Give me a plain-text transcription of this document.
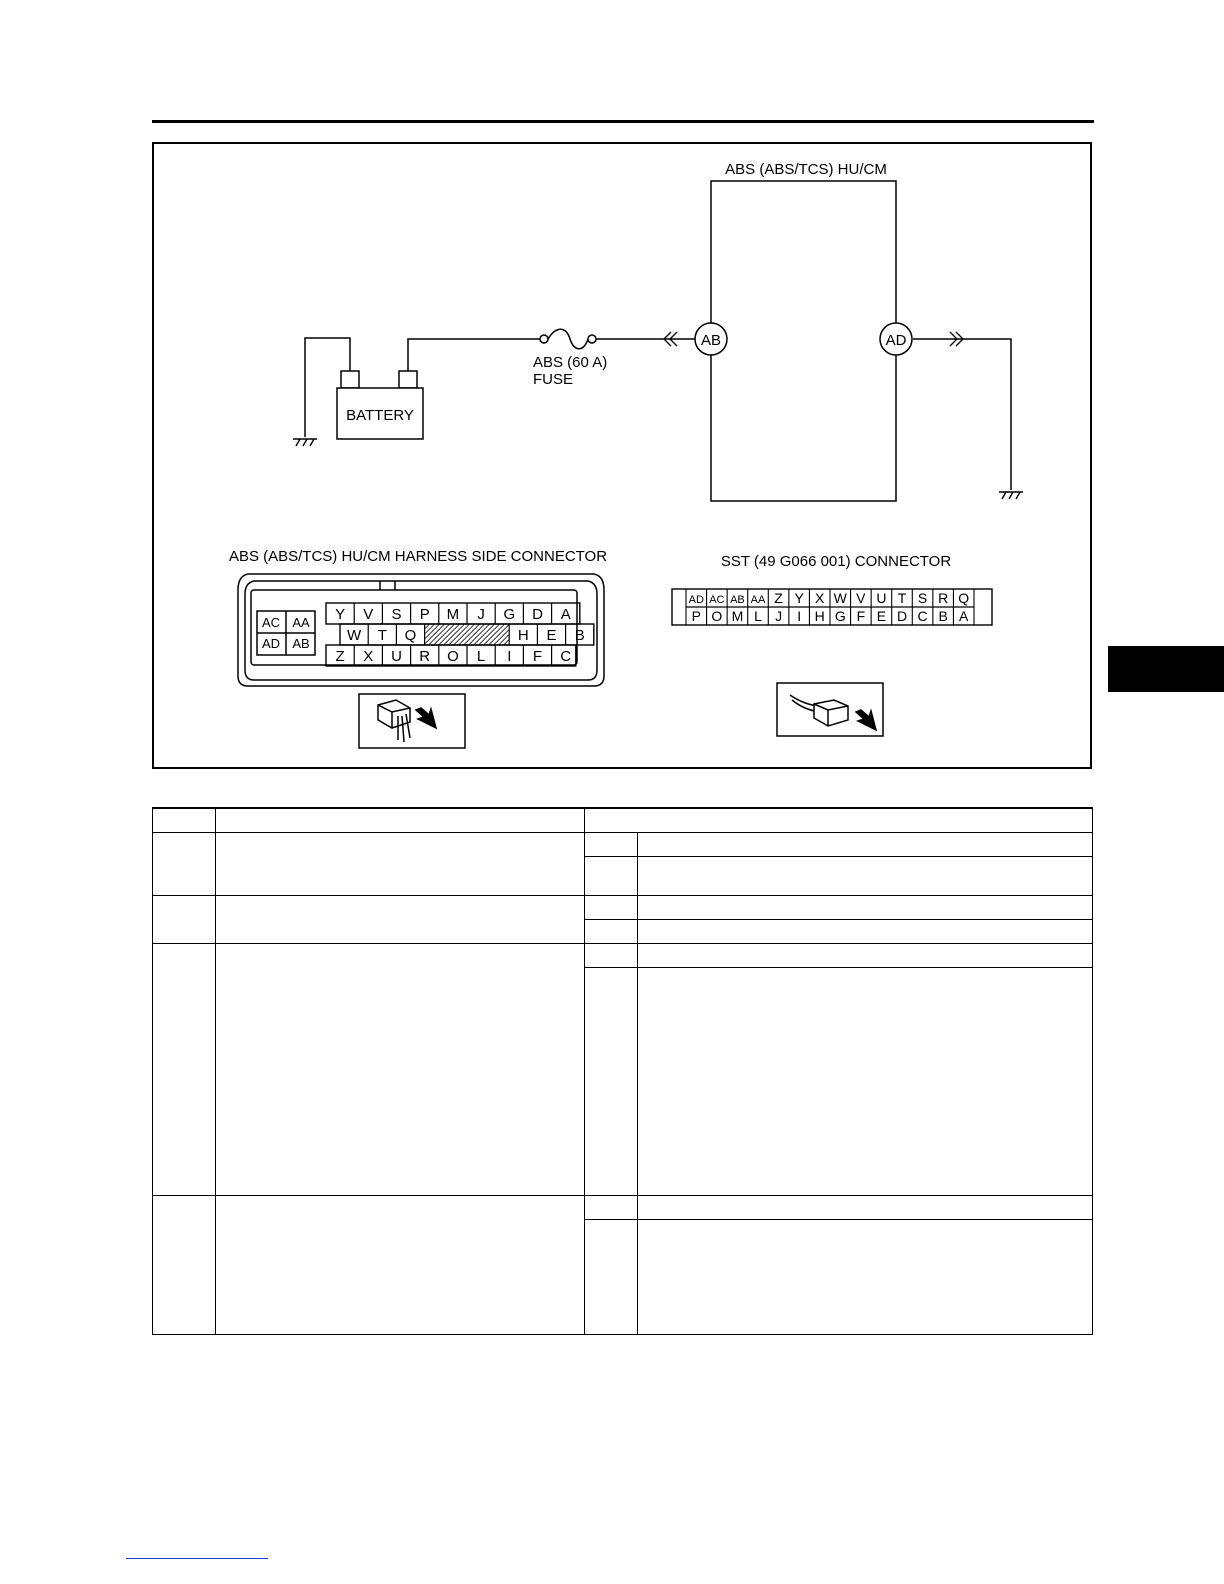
AB	AD
BATTERY
ABS (ABS/TCS) HU/CM
ABS (60 A)
FUSE
ABS (ABS/TCS) HU/CM HARNESS SIDE CONNECTOR
AC AA
AD AB
Y V S P M J G D A
W T Q	H E B
Z X U R O L I F C
SST (49 G066 001) CONNECTOR
AD AC AB AA Z Y X W V U T S R Q
P O M L J I H G F E D C B A
